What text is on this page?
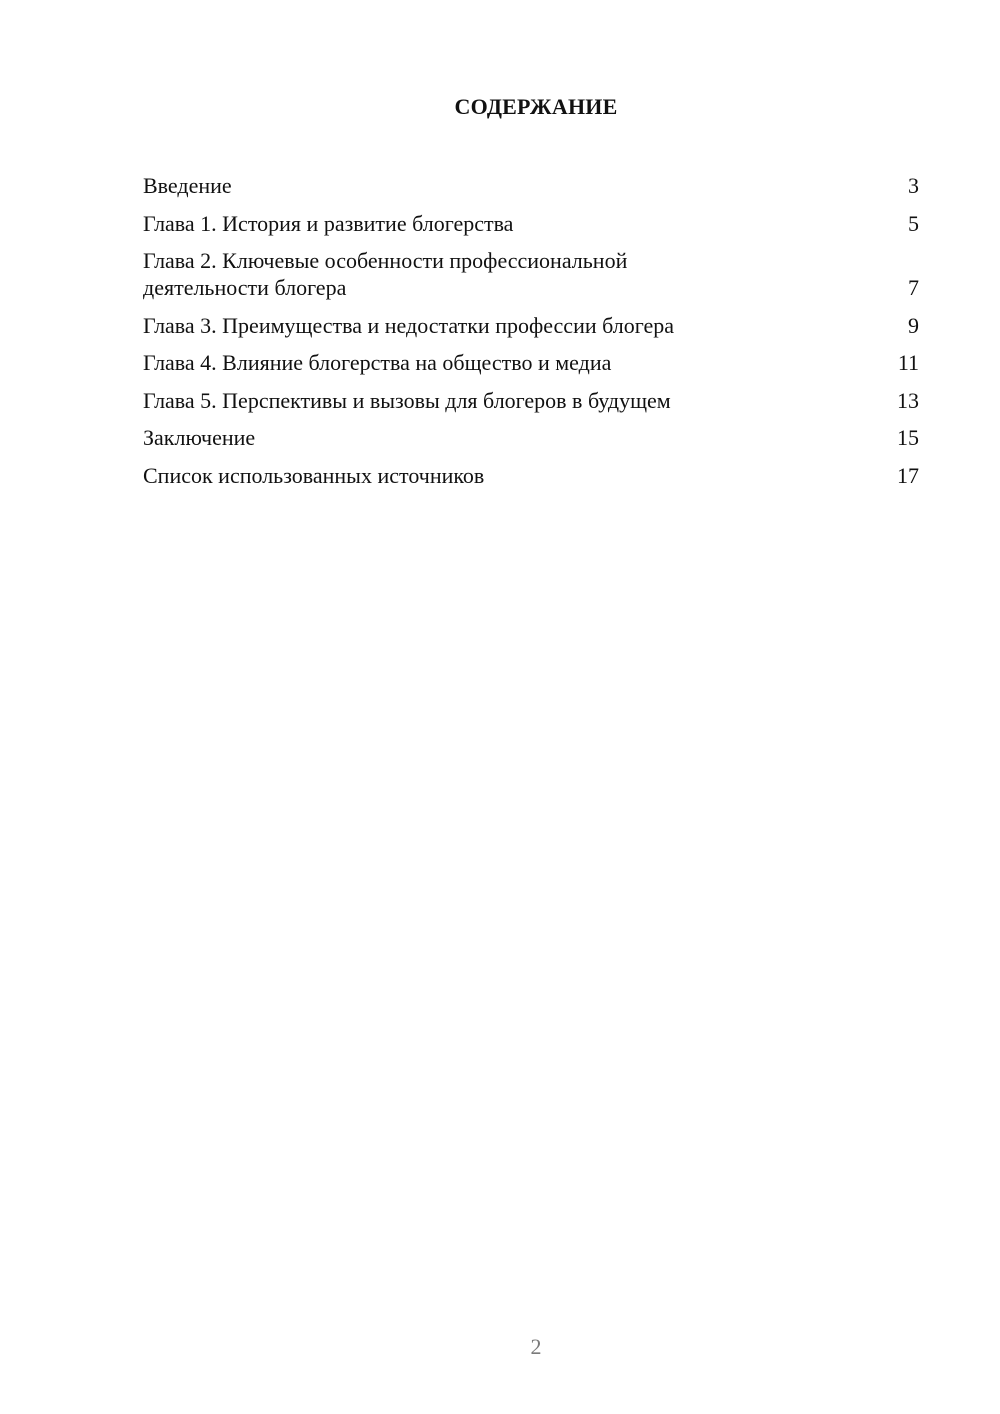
СОДЕРЖАНИЕ
Введение	3
Глава 1. История и развитие блогерства	5
Глава 2. Ключевые особенности профессиональной
деятельности блогера	7
Глава 3. Преимущества и недостатки профессии блогера	9
Глава 4. Влияние блогерства на общество и медиа	11
Глава 5. Перспективы и вызовы для блогеров в будущем	13
Заключение	15
Список использованных источников	17
2
